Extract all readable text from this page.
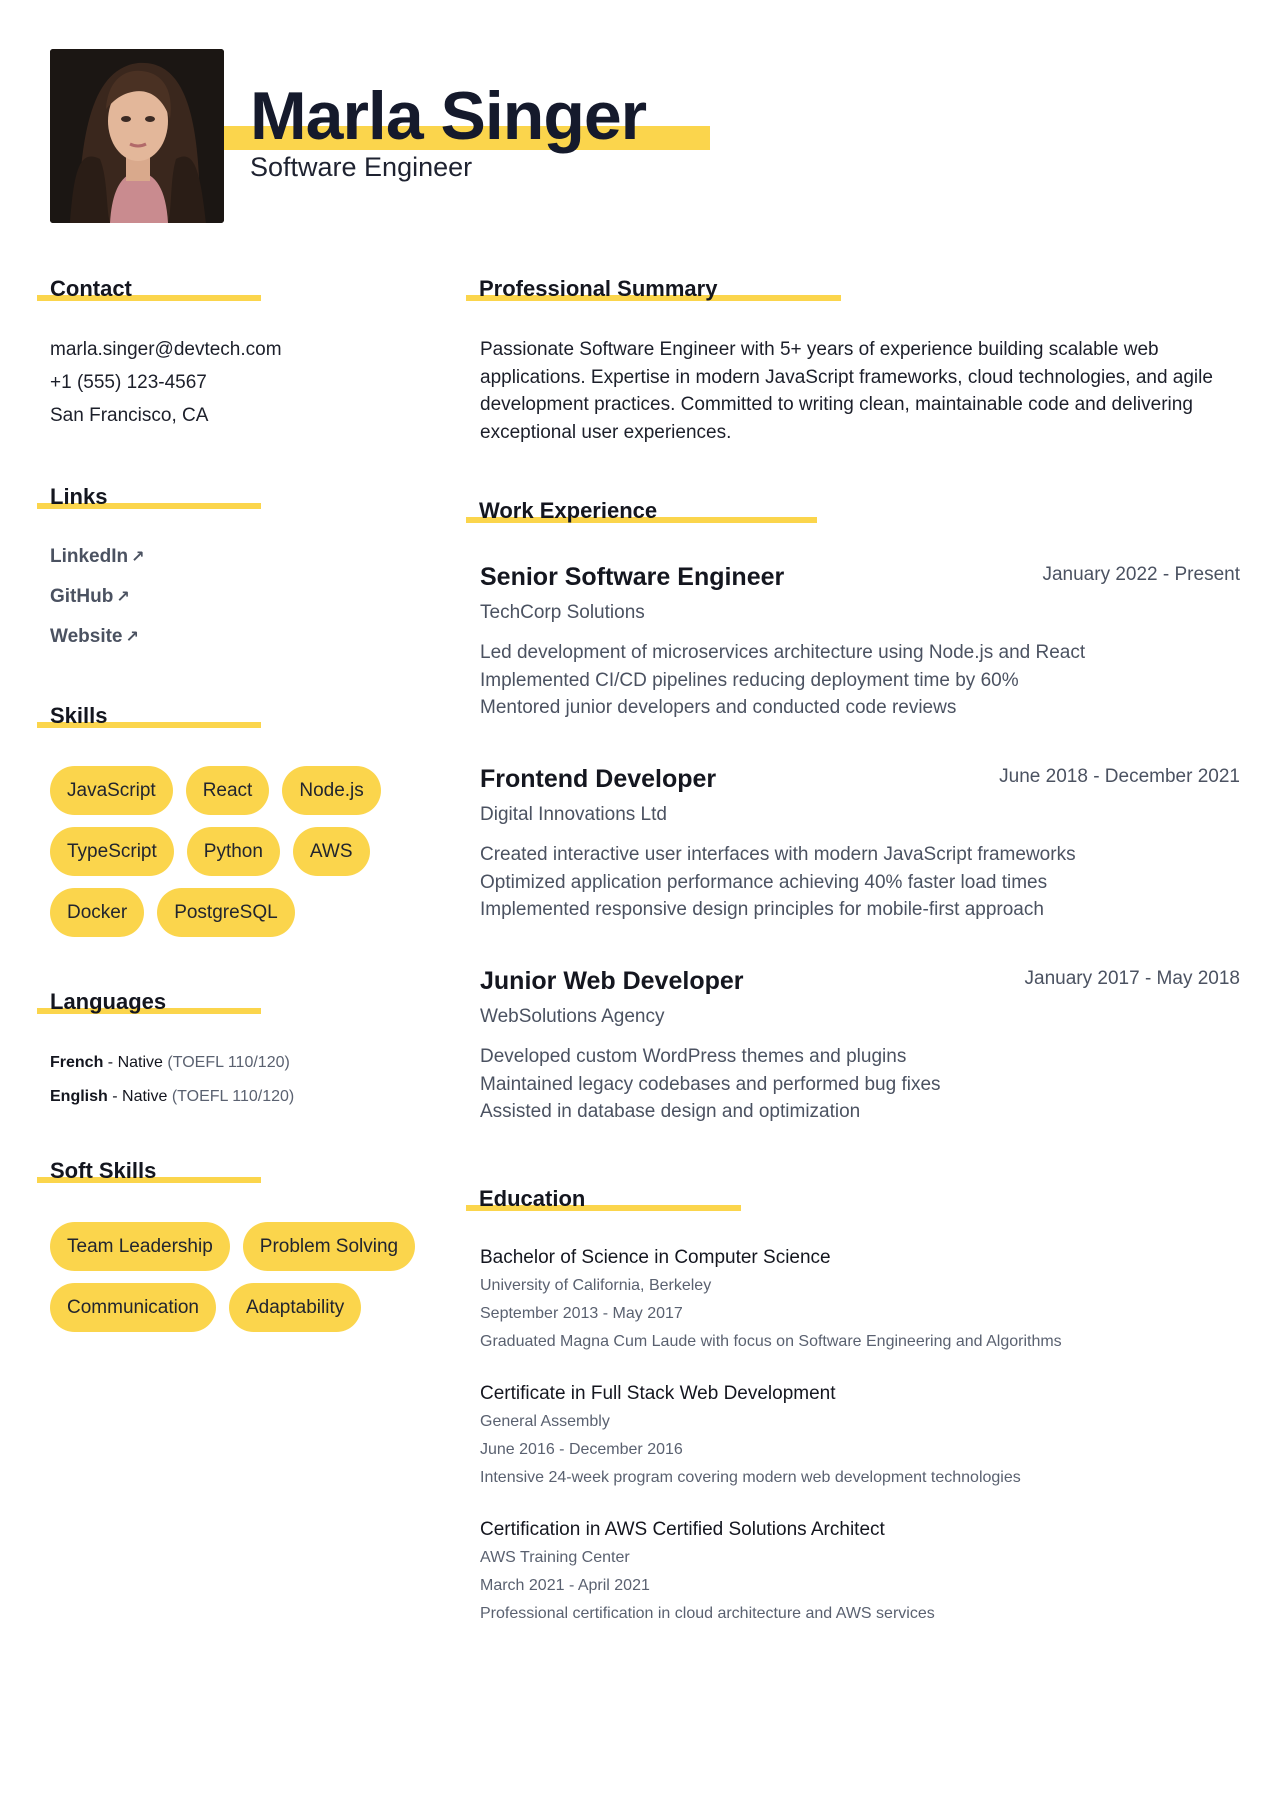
Marla Singer
Software Engineer
Contact
marla.singer@devtech.com
+1 (555) 123-4567
San Francisco, CA
Links
LinkedIn ↗
GitHub ↗
Website ↗
Skills
JavaScript	React	Node.js
TypeScript	Python	AWS
Docker	PostgreSQL
Languages
French - Native (TOEFL 110/120)
English - Native (TOEFL 110/120)
Soft Skills
Team Leadership	Problem Solving
Communication	Adaptability
Professional Summary

Passionate Software Engineer with 5+ years of experience building scalable web applications. Expertise in modern JavaScript frameworks, cloud technologies, and agile development practices. Committed to writing clean, maintainable code and delivering exceptional user experiences.

Work Experience
Senior Software Engineer	January 2022 - Present
TechCorp Solutions
Led development of microservices architecture using Node.js and React
Implemented CI/CD pipelines reducing deployment time by 60%
Mentored junior developers and conducted code reviews
Frontend Developer	June 2018 - December 2021
Digital Innovations Ltd
Created interactive user interfaces with modern JavaScript frameworks
Optimized application performance achieving 40% faster load times
Implemented responsive design principles for mobile-first approach
Junior Web Developer	January 2017 - May 2018
WebSolutions Agency
Developed custom WordPress themes and plugins
Maintained legacy codebases and performed bug fixes
Assisted in database design and optimization
Education
Bachelor of Science in Computer Science
University of California, Berkeley
September 2013 - May 2017
Graduated Magna Cum Laude with focus on Software Engineering and Algorithms
Certificate in Full Stack Web Development
General Assembly
June 2016 - December 2016
Intensive 24-week program covering modern web development technologies
Certification in AWS Certified Solutions Architect
AWS Training Center
March 2021 - April 2021
Professional certification in cloud architecture and AWS services
